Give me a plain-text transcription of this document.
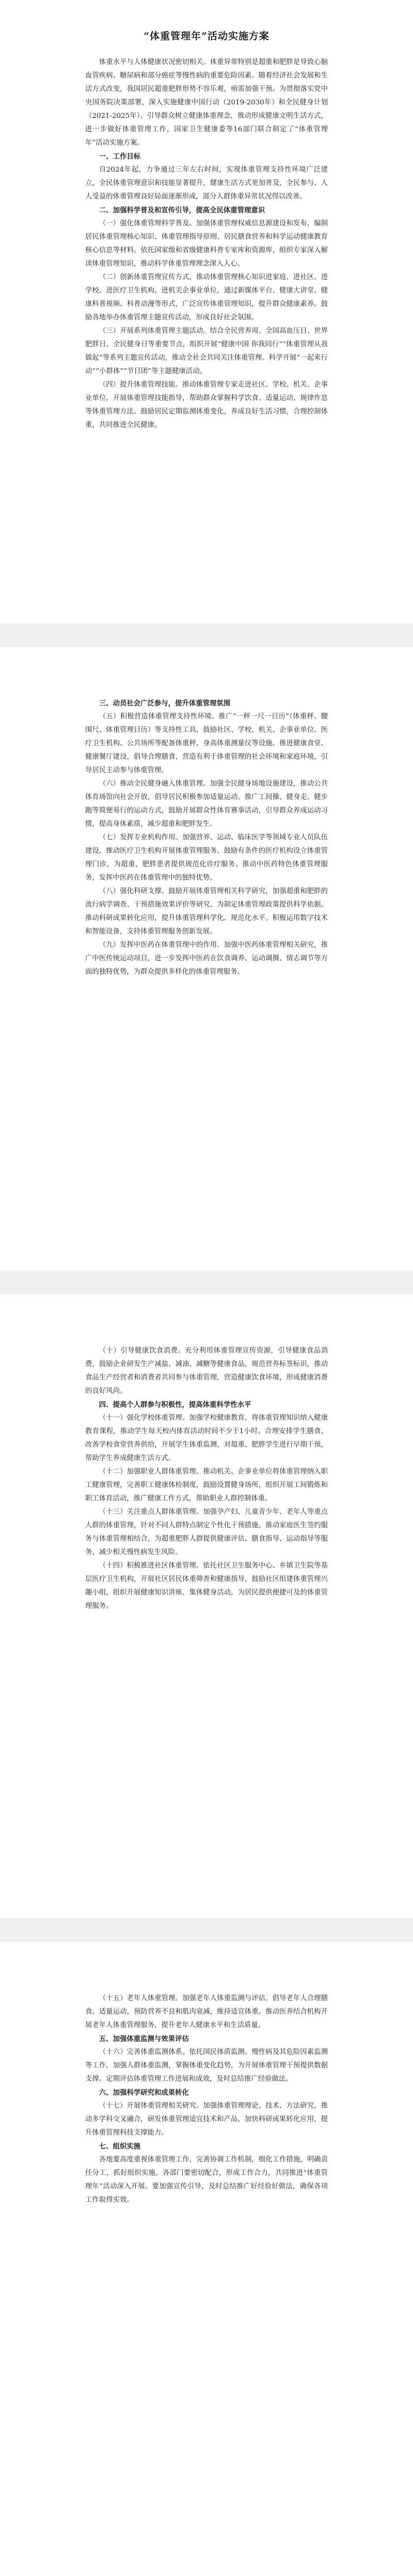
“体重管理年”活动实施方案

体重水平与人体健康状况密切相关。体重异常特别是超重和肥胖是导致心脑血管疾病、糖尿病和部分癌症等慢性病的重要危险因素。随着经济社会发展和生活方式改变，我国居民超重肥胖形势不容乐观，亟需加强干预。为贯彻落实党中央国务院决策部署，深入实施健康中国行动（2019-2030年）和全民健身计划（2021-2025年），引导群众树立健康体重理念，推动形成健康文明生活方式，进一步做好体重管理工作，国家卫生健康委等16部门联合制定了“体重管理年”活动实施方案。

一、工作目标

自2024年起，力争通过三年左右时间，实现体重管理支持性环境广泛建立，全民体重管理意识和技能显著提升，健康生活方式更加普及，全民参与、人人受益的体重管理良好局面逐渐形成，部分人群体重异常状况得以改善。

二、加强科学普及和宣传引导，提高全民体重管理意识

（一）强化体重管理科学普及。加强体重管理权威信息源建设和发布，编制居民体重管理核心知识、体重管理指导原则、居民膳食营养和科学运动健康教育核心信息等材料。依托国家级和省级健康科普专家库和资源库，组织专家深入解读体重管理知识，推动科学体重管理理念深入人心。

（二）创新体重管理宣传方式。推动体重管理核心知识进家庭、进社区、进学校、进医疗卫生机构、进机关企事业单位，通过新媒体平台、健康大讲堂、健康科普视频、科普动漫等形式，广泛宣传体重管理知识，提升群众健康素养。鼓励各地举办体重管理主题宣传活动，形成良好社会氛围。

（三）开展系列体重管理主题活动。结合全民营养周、全国高血压日、世界肥胖日、全民健身日等重要节点，组织开展“健康中国 你我同行”“体重管理从我做起”等系列主题宣传活动，推动全社会共同关注体重管理。科学开展“一起来行动”“小群体”“节日团”等主题健康活动。

（四）提升体重管理技能。推动体重管理专家走进社区、学校、机关、企事业单位，开展体重管理技能指导，帮助群众掌握科学饮食、适量运动、规律作息等体重管理方法。鼓励居民定期监测体重变化，养成良好生活习惯，合理控制体重，共同推进全民健康。

三、动员社会广泛参与，提升体重管理氛围

（五）积极营造体重管理支持性环境。推广“一秤一尺一日历”（体重秤、腰围尺、体重管理日历）等支持性工具，鼓励社区、学校、机关、企事业单位、医疗卫生机构、公共场所等配备体重秤、身高体重测量仪等设施。推进健康食堂、健康餐厅建设，倡导合理膳食，营造有利于体重管理的社会环境和家庭环境，引导居民主动参与体重管理。

（六）推动全民健身融入体重管理。加强全民健身场地设施建设，推动公共体育场馆向社会开放，倡导居民积极参加适量运动。推广工间操、健身走、健步跑等简便易行的运动方式，鼓励开展群众性体育赛事活动，引导群众养成运动习惯，提高身体素质，减少超重和肥胖发生。

（七）发挥专业机构作用。加强营养、运动、临床医学等领域专业人员队伍建设，推动医疗卫生机构开展体重管理服务。鼓励有条件的医疗机构设立体重管理门诊，为超重、肥胖患者提供规范化诊疗服务。推动中医药特色体重管理服务，发挥中医药在体重管理中的独特优势。

（八）强化科研支撑。鼓励开展体重管理相关科学研究，加强超重和肥胖的流行病学调查、干预措施效果评价等研究，为制定体重管理政策提供科学依据。推动科研成果转化应用，提升体重管理科学化、规范化水平。积极运用数字技术和智能设备，支持体重管理服务创新发展。

（九）发挥中医药在体重管理中的作用。加强中医药体重管理相关研究，推广中医传统运动项目，进一步发挥中医药在饮食调养、运动调摄、情志调节等方面的独特优势，为群众提供多样化的体重管理服务。

（十）引导健康饮食消费。充分利用体重管理宣传资源，引导健康食品消费，鼓励企业研发生产减盐、减油、减糖等健康食品，规范营养标签标识，推动食品生产经营者和消费者共同参与体重管理，营造健康饮食环境，形成健康消费的良好风尚。

四、提高个人群参与积极性，提高体重科学性水平

（十一）强化学校体重管理。加强学校健康教育，将体重管理知识纳入健康教育课程，推动学生每天校内体育活动时间不少于1小时。合理安排学生膳食，改善学校食堂营养供给，开展学生体重监测，对超重、肥胖学生进行早期干预，帮助学生养成健康生活方式。

（十二）加强职业人群体重管理。推动机关、企事业单位将体重管理纳入职工健康管理，完善职工健康体检制度，鼓励设置健身场所，组织开展工间锻炼和职工体育活动，推广健康工作方式，帮助职业人群控制体重。

（十三）关注重点人群体重管理。加强孕产妇、儿童青少年、老年人等重点人群的体重管理，针对不同人群特点制定个性化干预措施。推动家庭医生签约服务与体重管理相结合，为超重肥胖人群提供健康评估、膳食指导、运动指导等服务，减少相关慢性病发生风险。

（十四）积极推进社区体重管理。依托社区卫生服务中心、乡镇卫生院等基层医疗卫生机构，开展社区居民体重筛查和健康指导，鼓励社区组建体重管理兴趣小组，组织开展健康知识讲座、集体健身活动，为居民提供便捷可及的体重管理服务。

（十五）老年人体重管理。加强老年人体重监测与评估，倡导老年人合理膳食、适量运动，预防营养不良和肌肉衰减，维持适宜体重。推动医养结合机构开展老年人体重管理服务，提升老年人健康水平和生活质量。

五、加强体重监测与效果评估

（十六）完善体重监测体系。依托国民体质监测、慢性病及其危险因素监测等工作，加强人群体重监测，掌握体重变化趋势，为开展体重管理干预提供数据支撑。定期评估体重管理工作进展和成效，及时总结推广经验做法。

六、加强科学研究和成果转化

（十七）开展体重管理相关研究。加强体重管理理论、技术、方法研究，推动多学科交叉融合，研发体重管理适宜技术和产品，加快科研成果转化应用，提升体重管理科技支撑能力。

七、组织实施

各地要高度重视体重管理工作，完善协调工作机制，细化工作措施，明确责任分工，抓好组织实施。各部门要密切配合，形成工作合力，共同推进“体重管理年”活动深入开展。要加强宣传引导，及时总结推广好经验好做法，确保各项工作取得实效。
